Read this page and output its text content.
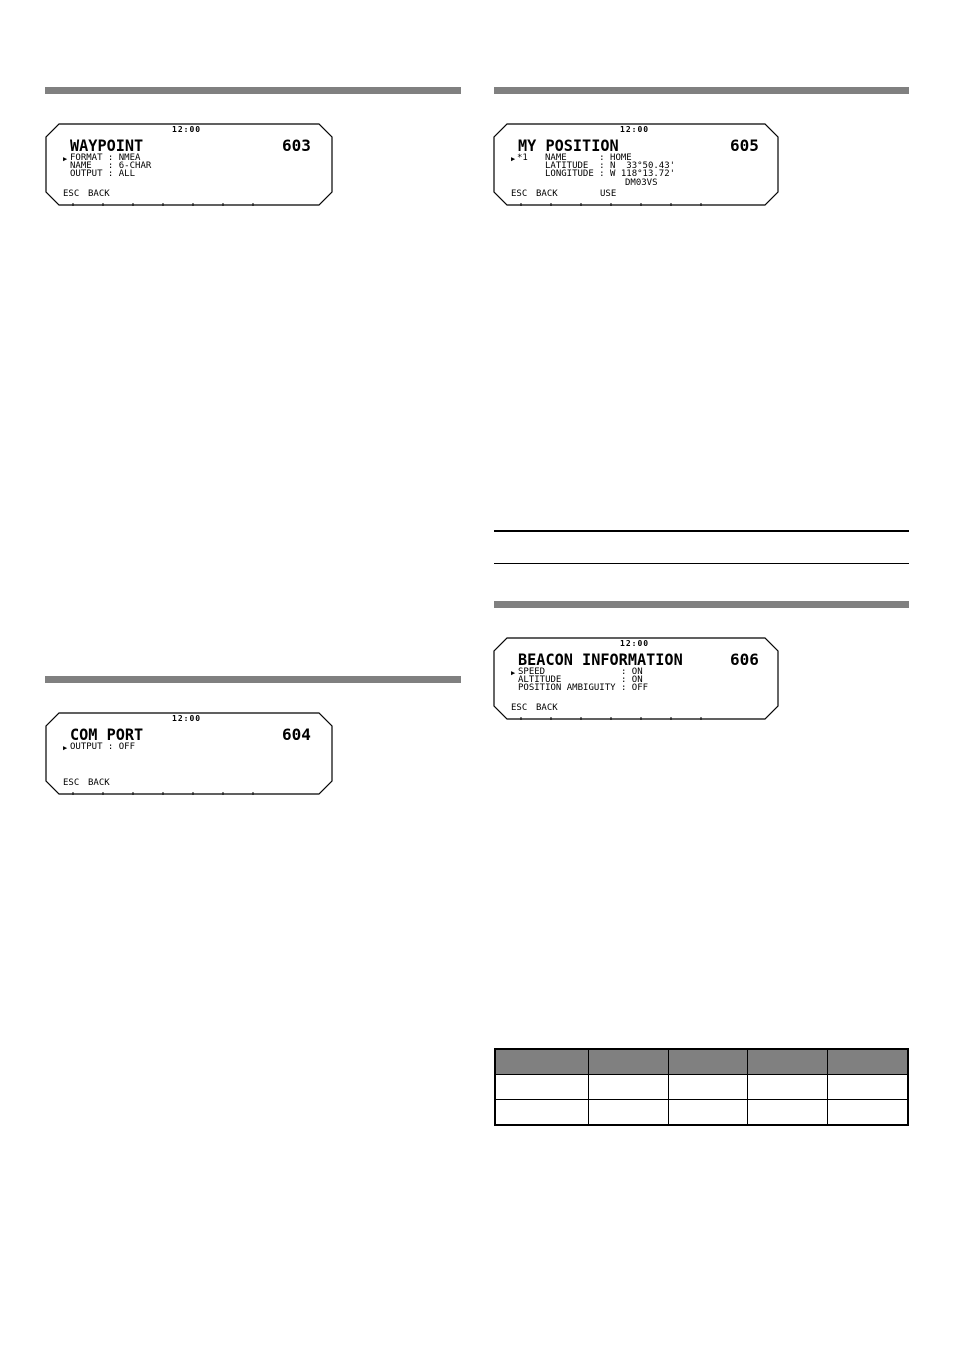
12:00
WAYPOINT	603
▶ FORMAT : NMEA
NAME   : 6-CHAR
OUTPUT : ALL
ESC BACK
12:00
COM PORT	604
▶ OUTPUT : OFF
ESC BACK
12:00
MY POSITION	605
▶ *1 NAME      : HOME
LATITUDE  : N  33°50.43'
LONGITUDE : W 118°13.72'
DM03VS
ESC BACK	USE
12:00
BEACON INFORMATION	606
▶ SPEED              : ON
ALTITUDE           : ON
POSITION AMBIGUITY : OFF
ESC BACK
